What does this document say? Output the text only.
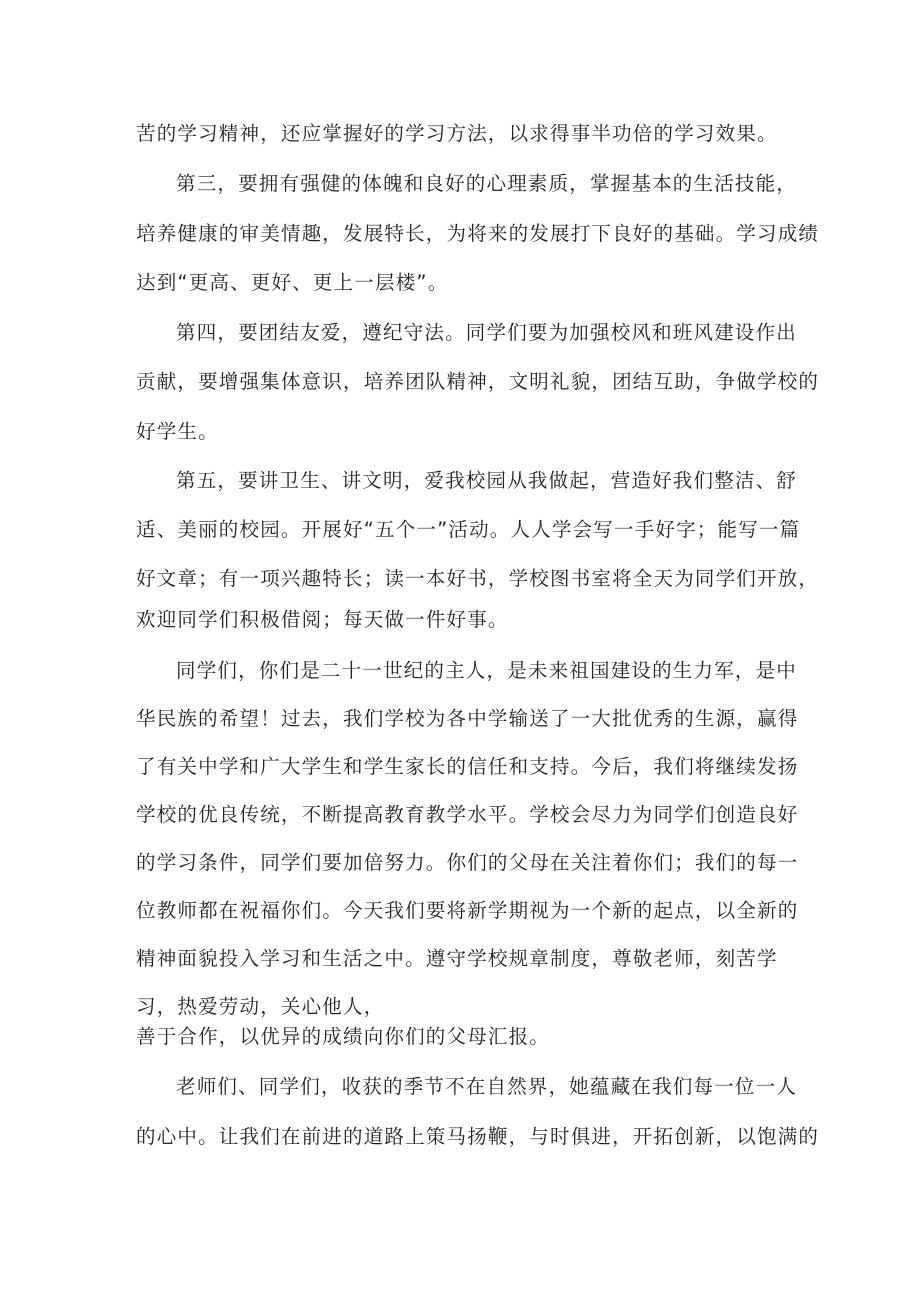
苦的学习精神，还应掌握好的学习方法，以求得事半功倍的学习效果。
第三，要拥有强健的体魄和良好的心理素质，掌握基本的生活技能，
培养健康的审美情趣，发展特长，为将来的发展打下良好的基础。学习成绩
达到“更高、更好、更上一层楼”。
第四，要团结友爱，遵纪守法。同学们要为加强校风和班风建设作出
贡献，要增强集体意识，培养团队精神，文明礼貌，团结互助，争做学校的
好学生。
第五，要讲卫生、讲文明，爱我校园从我做起，营造好我们整洁、舒
适、美丽的校园。开展好“五个一”活动。人人学会写一手好字；能写一篇
好文章；有一项兴趣特长；读一本好书，学校图书室将全天为同学们开放，
欢迎同学们积极借阅；每天做一件好事。
同学们，你们是二十一世纪的主人，是未来祖国建设的生力军，是中
华民族的希望！过去，我们学校为各中学输送了一大批优秀的生源，赢得
了有关中学和广大学生和学生家长的信任和支持。今后，我们将继续发扬
学校的优良传统，不断提高教育教学水平。学校会尽力为同学们创造良好
的学习条件，同学们要加倍努力。你们的父母在关注着你们；我们的每一
位教师都在祝福你们。今天我们要将新学期视为一个新的起点，以全新的
精神面貌投入学习和生活之中。遵守学校规章制度，尊敬老师，刻苦学
习，热爱劳动，关心他人，
善于合作，以优异的成绩向你们的父母汇报。
老师们、同学们，收获的季节不在自然界，她蕴藏在我们每一位一人
的心中。让我们在前进的道路上策马扬鞭，与时俱进，开拓创新，以饱满的
